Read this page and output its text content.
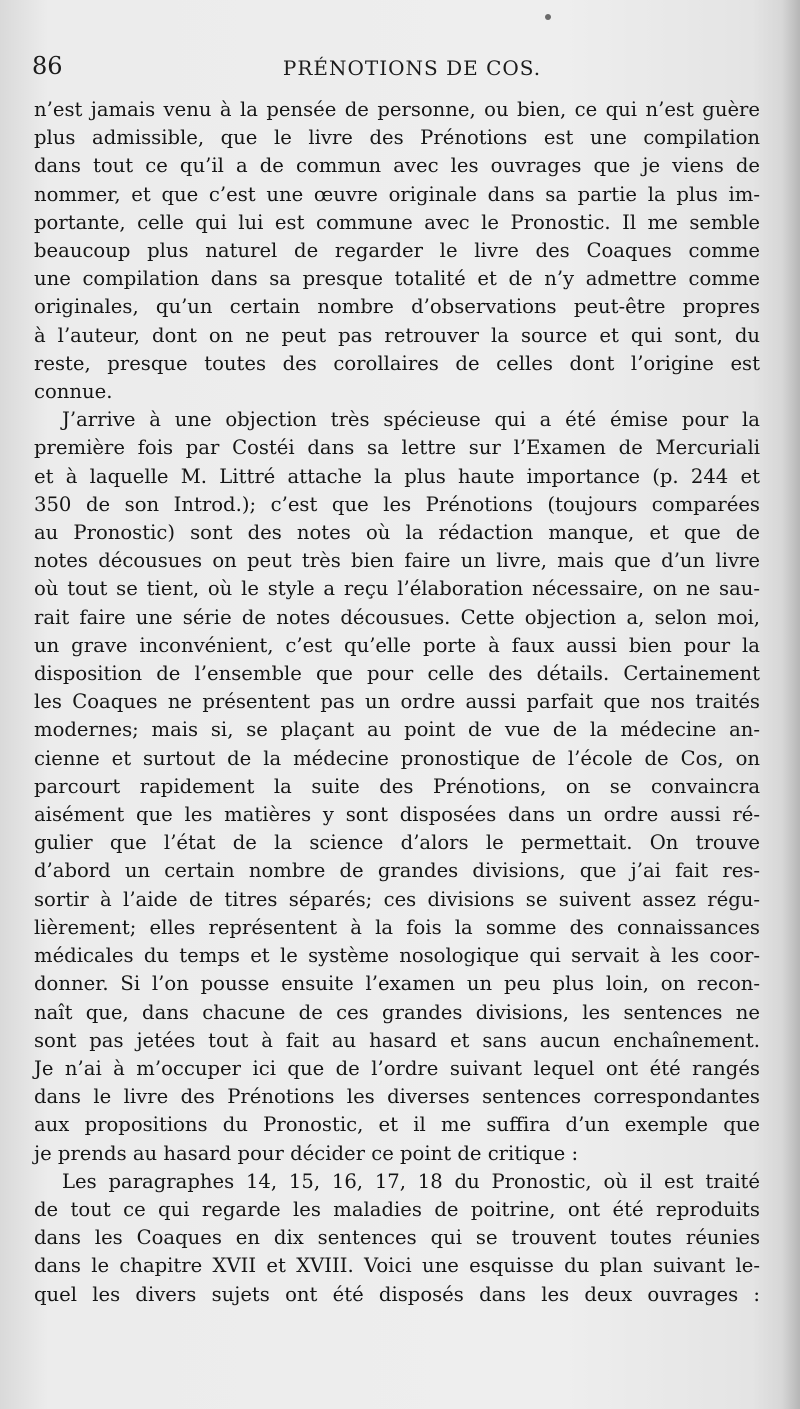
86	PRÉNOTIONS DE COS.

n’est jamais venu à la pensée de personne, ou bien, ce qui n’est guère

plus admissible, que le livre des Prénotions est une compilation

dans tout ce qu’il a de commun avec les ouvrages que je viens de

nommer, et que c’est une œuvre originale dans sa partie la plus im-

portante, celle qui lui est commune avec le Pronostic. Il me semble

beaucoup plus naturel de regarder le livre des Coaques comme

une compilation dans sa presque totalité et de n’y admettre comme

originales, qu’un certain nombre d’observations peut-être propres

à l’auteur, dont on ne peut pas retrouver la source et qui sont, du

reste, presque toutes des corollaires de celles dont l’origine est

connue.

J’arrive à une objection très spécieuse qui a été émise pour la

première fois par Costéi dans sa lettre sur l’Examen de Mercuriali

et à laquelle M. Littré attache la plus haute importance (p. 244 et

350 de son Introd.); c’est que les Prénotions (toujours comparées

au Pronostic) sont des notes où la rédaction manque, et que de

notes décousues on peut très bien faire un livre, mais que d’un livre

où tout se tient, où le style a reçu l’élaboration nécessaire, on ne sau-

rait faire une série de notes décousues. Cette objection a, selon moi,

un grave inconvénient, c’est qu’elle porte à faux aussi bien pour la

disposition de l’ensemble que pour celle des détails. Certainement

les Coaques ne présentent pas un ordre aussi parfait que nos traités

modernes; mais si, se plaçant au point de vue de la médecine an-

cienne et surtout de la médecine pronostique de l’école de Cos, on

parcourt rapidement la suite des Prénotions, on se convaincra

aisément que les matières y sont disposées dans un ordre aussi ré-

gulier que l’état de la science d’alors le permettait. On trouve

d’abord un certain nombre de grandes divisions, que j’ai fait res-

sortir à l’aide de titres séparés; ces divisions se suivent assez régu-

lièrement; elles représentent à la fois la somme des connaissances

médicales du temps et le système nosologique qui servait à les coor-

donner. Si l’on pousse ensuite l’examen un peu plus loin, on recon-

naît que, dans chacune de ces grandes divisions, les sentences ne

sont pas jetées tout à fait au hasard et sans aucun enchaînement.

Je n’ai à m’occuper ici que de l’ordre suivant lequel ont été rangés

dans le livre des Prénotions les diverses sentences correspondantes

aux propositions du Pronostic, et il me suffira d’un exemple que

je prends au hasard pour décider ce point de critique :

Les paragraphes 14, 15, 16, 17, 18 du Pronostic, où il est traité

de tout ce qui regarde les maladies de poitrine, ont été reproduits

dans les Coaques en dix sentences qui se trouvent toutes réunies

dans le chapitre XVII et XVIII. Voici une esquisse du plan suivant le-

quel les divers sujets ont été disposés dans les deux ouvrages :
